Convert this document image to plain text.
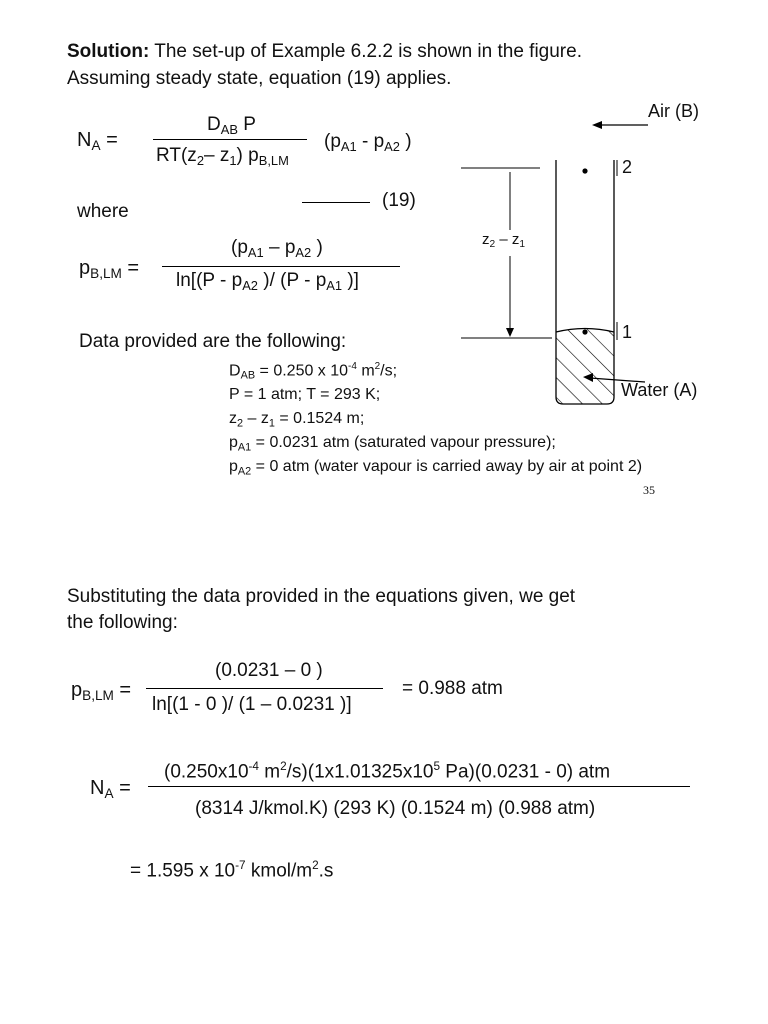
Solution: The set-up of Example 6.2.2 is shown in the figure.
Assuming steady state, equation (19) applies.
$N_A$ =
$D_{AB}$ P
$RT(z_2-$ $z_1$) $p_{B,LM}$
($p_{A1} - p_{A2}$ )
where
(19)
$p_{B,LM}$ =
($p_{A1} - p_{A2}$ )
$\ln[(P - p_{A2}$ )/ ($P - p_{A1}$ )]
Data provided are the following:
$D_{AB} = 0.250$ x $10^{-4}$ $m^2/s$;
P = 1 atm; T = 293 K;
$z_2 - z_1 = 0.1524$ m;
$p_{A1} = 0.0231$ atm (saturated vapour pressure);
$p_{A2} = 0$ atm (water vapour is carried away by air at point 2)
Air (B)
2
1
Water (A)
$z_2 - z_1$
35
Substituting the data provided in the equations given, we get
the following:
$p_{B,LM}$ =
(0.0231 – 0 )
ln[(1 - 0 )/ (1 – 0.0231 )]
= 0.988 atm
$N_A$ =
($0.250x10^{-4}$ $m^2/s)(1x1.01325x10^5$ Pa)(0.0231 - 0) atm
(8314 J/kmol.K) (293 K) (0.1524 m) (0.988 atm)
= 1.595 x $10^{-7}$ kmol/$m^2.s$
